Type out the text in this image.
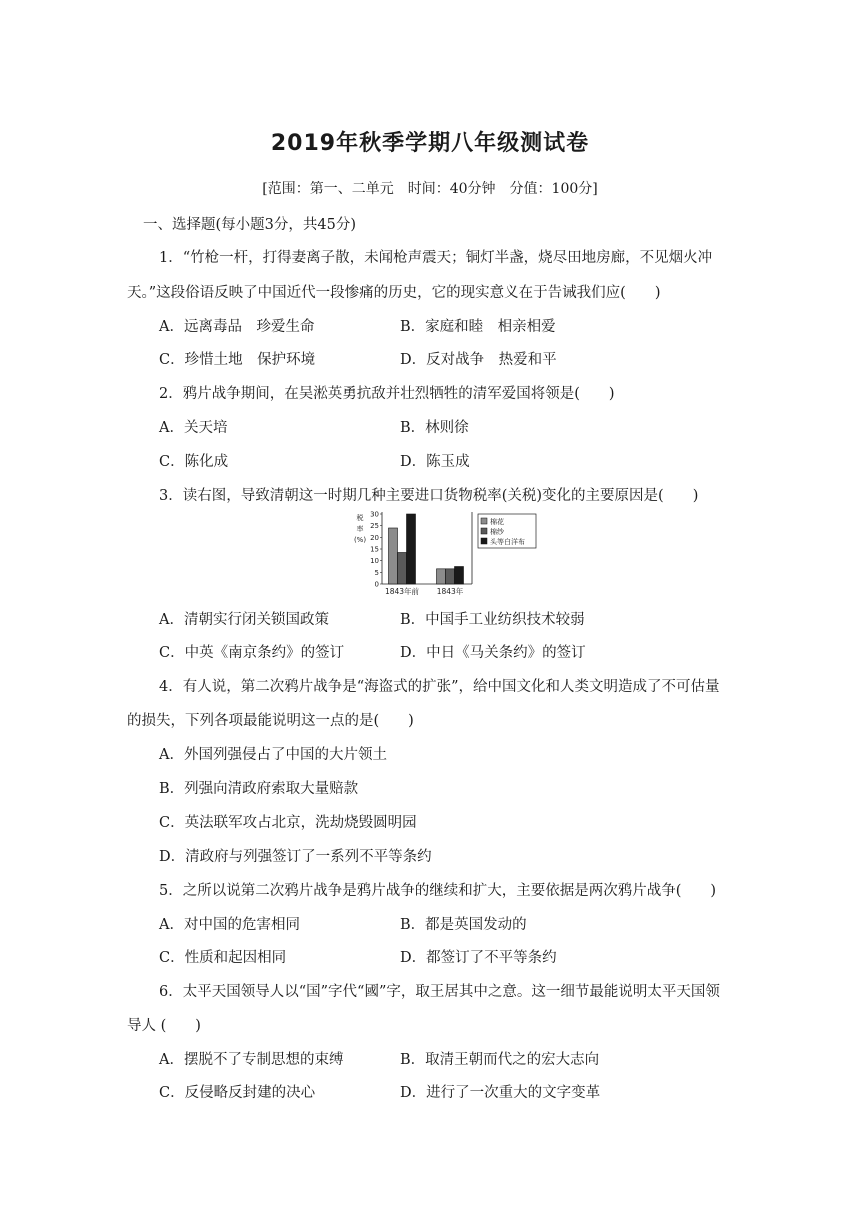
2019年秋季学期八年级测试卷
[范围：第一、二单元　时间：40分钟　分值：100分]
一、选择题(每小题3分，共45分)
1．“竹枪一杆，打得妻离子散，未闻枪声震天；铜灯半盏，烧尽田地房廊，不见烟火冲
天。”这段俗语反映了中国近代一段惨痛的历史，它的现实意义在于告诫我们应(　　)
A．远离毒品　珍爱生命	B．家庭和睦　相亲相爱
C．珍惜土地　保护环境	D．反对战争　热爱和平
2．鸦片战争期间，在吴淞英勇抗敌并壮烈牺牲的清军爱国将领是(　　)
A．关天培	B．林则徐
C．陈化成	D．陈玉成
3．读右图，导致清朝这一时期几种主要进口货物税率(关税)变化的主要原因是(　　)
税
率
(%)
0
5
10
15
20
25
30
1843年前 1843年
棉花
棉纱
头等白洋布
A．清朝实行闭关锁国政策	B．中国手工业纺织技术较弱
C．中英《南京条约》的签订	D．中日《马关条约》的签订
4．有人说，第二次鸦片战争是“海盗式的扩张”，给中国文化和人类文明造成了不可估量
的损失，下列各项最能说明这一点的是(　　)
A．外国列强侵占了中国的大片领土
B．列强向清政府索取大量赔款
C．英法联军攻占北京，洗劫烧毁圆明园
D．清政府与列强签订了一系列不平等条约
5．之所以说第二次鸦片战争是鸦片战争的继续和扩大，主要依据是两次鸦片战争(　　)
A．对中国的危害相同	B．都是英国发动的
C．性质和起因相同	D．都签订了不平等条约
6．太平天国领导人以“国”字代“國”字，取王居其中之意。这一细节最能说明太平天国领
导人 (　　)
A．摆脱不了专制思想的束缚	B．取清王朝而代之的宏大志向
C．反侵略反封建的决心	D．进行了一次重大的文字变革
